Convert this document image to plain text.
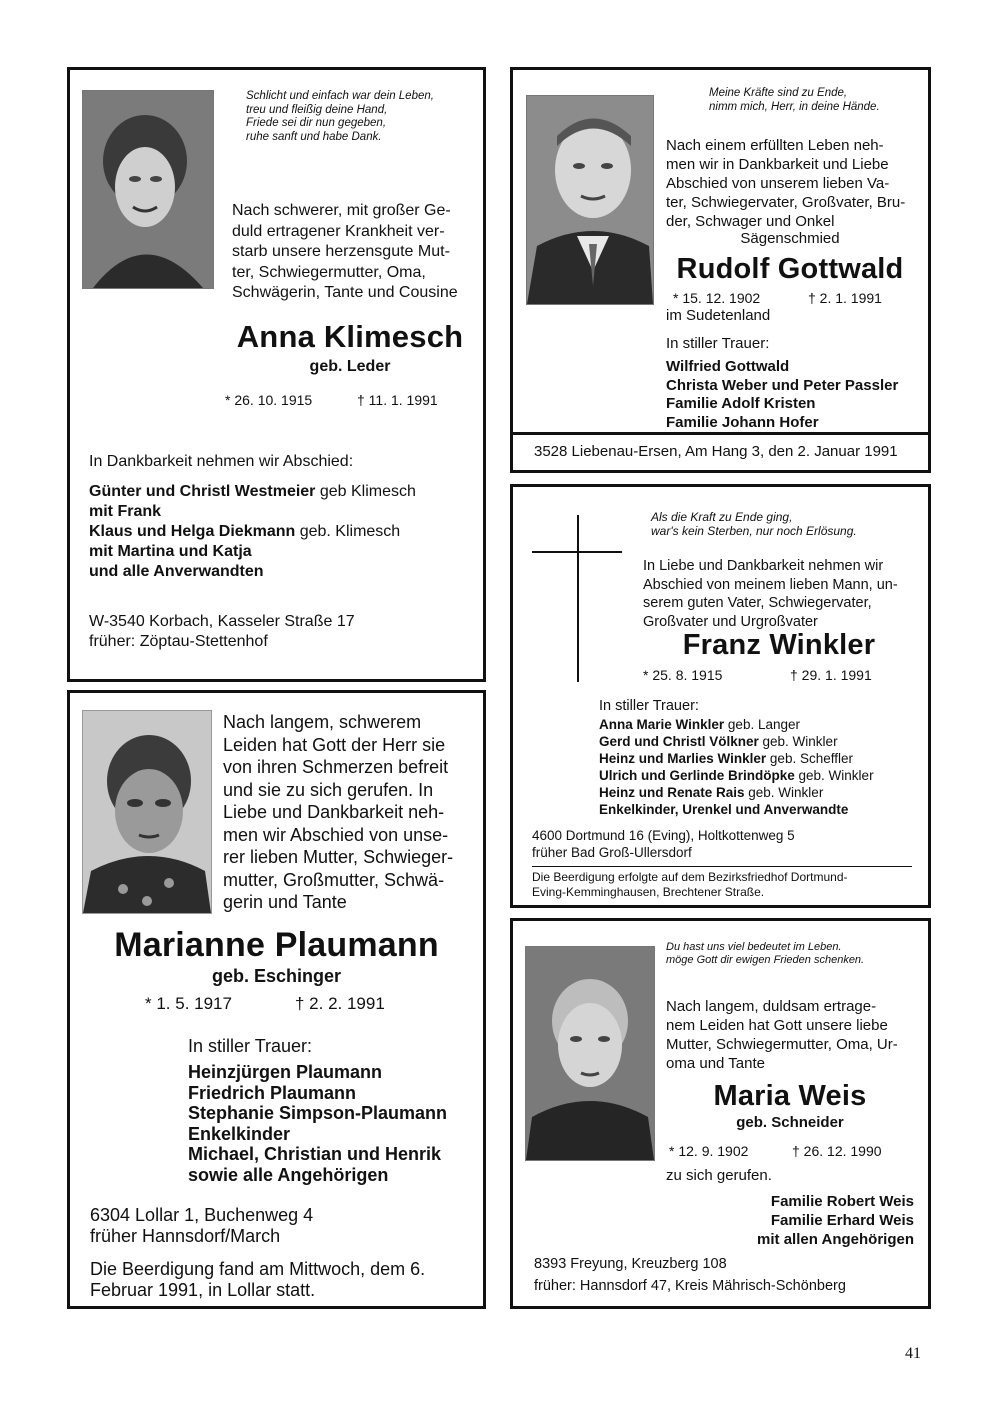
Schlicht und einfach war dein Leben,
treu und fleißig deine Hand,
Friede sei dir nun gegeben,
ruhe sanft und habe Dank.
Nach schwerer, mit großer Ge-
duld ertragener Krankheit ver-
starb unsere herzensgute Mut-
ter, Schwiegermutter, Oma,
Schwägerin, Tante und Cousine
Anna Klimesch
geb. Leder
* 26. 10. 1915	† 11. 1. 1991
In Dankbarkeit nehmen wir Abschied:
Günter und Christl Westmeier geb Klimesch
mit Frank
Klaus und Helga Diekmann geb. Klimesch
mit Martina und Katja
und alle Anverwandten
W-3540 Korbach, Kasseler Straße 17
früher: Zöptau-Stettenhof
Meine Kräfte sind zu Ende,
nimm mich, Herr, in deine Hände.
Nach einem erfüllten Leben neh-
men wir in Dankbarkeit und Liebe
Abschied von unserem lieben Va-
ter, Schwiegervater, Großvater, Bru-
der, Schwager und Onkel
Sägenschmied
Rudolf Gottwald
* 15. 12. 1902	† 2. 1. 1991
im Sudetenland
In stiller Trauer:
Wilfried Gottwald
Christa Weber und Peter Passler
Familie Adolf Kristen
Familie Johann Hofer
3528 Liebenau-Ersen, Am Hang 3, den 2. Januar 1991
Als die Kraft zu Ende ging,
war's kein Sterben, nur noch Erlösung.
In Liebe und Dankbarkeit nehmen wir
Abschied von meinem lieben Mann, un-
serem guten Vater, Schwiegervater,
Großvater und Urgroßvater
Franz Winkler
* 25. 8. 1915	† 29. 1. 1991
In stiller Trauer:
Anna Marie Winkler geb. Langer
Gerd und Christl Völkner geb. Winkler
Heinz und Marlies Winkler geb. Scheffler
Ulrich und Gerlinde Brindöpke geb. Winkler
Heinz und Renate Rais geb. Winkler
Enkelkinder, Urenkel und Anverwandte
4600 Dortmund 16 (Eving), Holtkottenweg 5
früher Bad Groß-Ullersdorf
Die Beerdigung erfolgte auf dem Bezirksfriedhof Dortmund-
Eving-Kemminghausen, Brechtener Straße.
Nach langem, schwerem
Leiden hat Gott der Herr sie
von ihren Schmerzen befreit
und sie zu sich gerufen. In
Liebe und Dankbarkeit neh-
men wir Abschied von unse-
rer lieben Mutter, Schwieger-
mutter, Großmutter, Schwä-
gerin und Tante
Marianne Plaumann
geb. Eschinger
* 1. 5. 1917	† 2. 2. 1991
In stiller Trauer:
Heinzjürgen Plaumann
Friedrich Plaumann
Stephanie Simpson-Plaumann
Enkelkinder
Michael, Christian und Henrik
sowie alle Angehörigen
6304 Lollar 1, Buchenweg 4
früher Hannsdorf/March
Die Beerdigung fand am Mittwoch, dem 6.
Februar 1991, in Lollar statt.
Du hast uns viel bedeutet im Leben.
möge Gott dir ewigen Frieden schenken.
Nach langem, duldsam ertrage-
nem Leiden hat Gott unsere liebe
Mutter, Schwiegermutter, Oma, Ur-
oma und Tante
Maria Weis
geb. Schneider
* 12. 9. 1902	† 26. 12. 1990
zu sich gerufen.
Familie Robert Weis
Familie Erhard Weis
mit allen Angehörigen
8393 Freyung, Kreuzberg 108
früher: Hannsdorf 47, Kreis Mährisch-Schönberg
41
